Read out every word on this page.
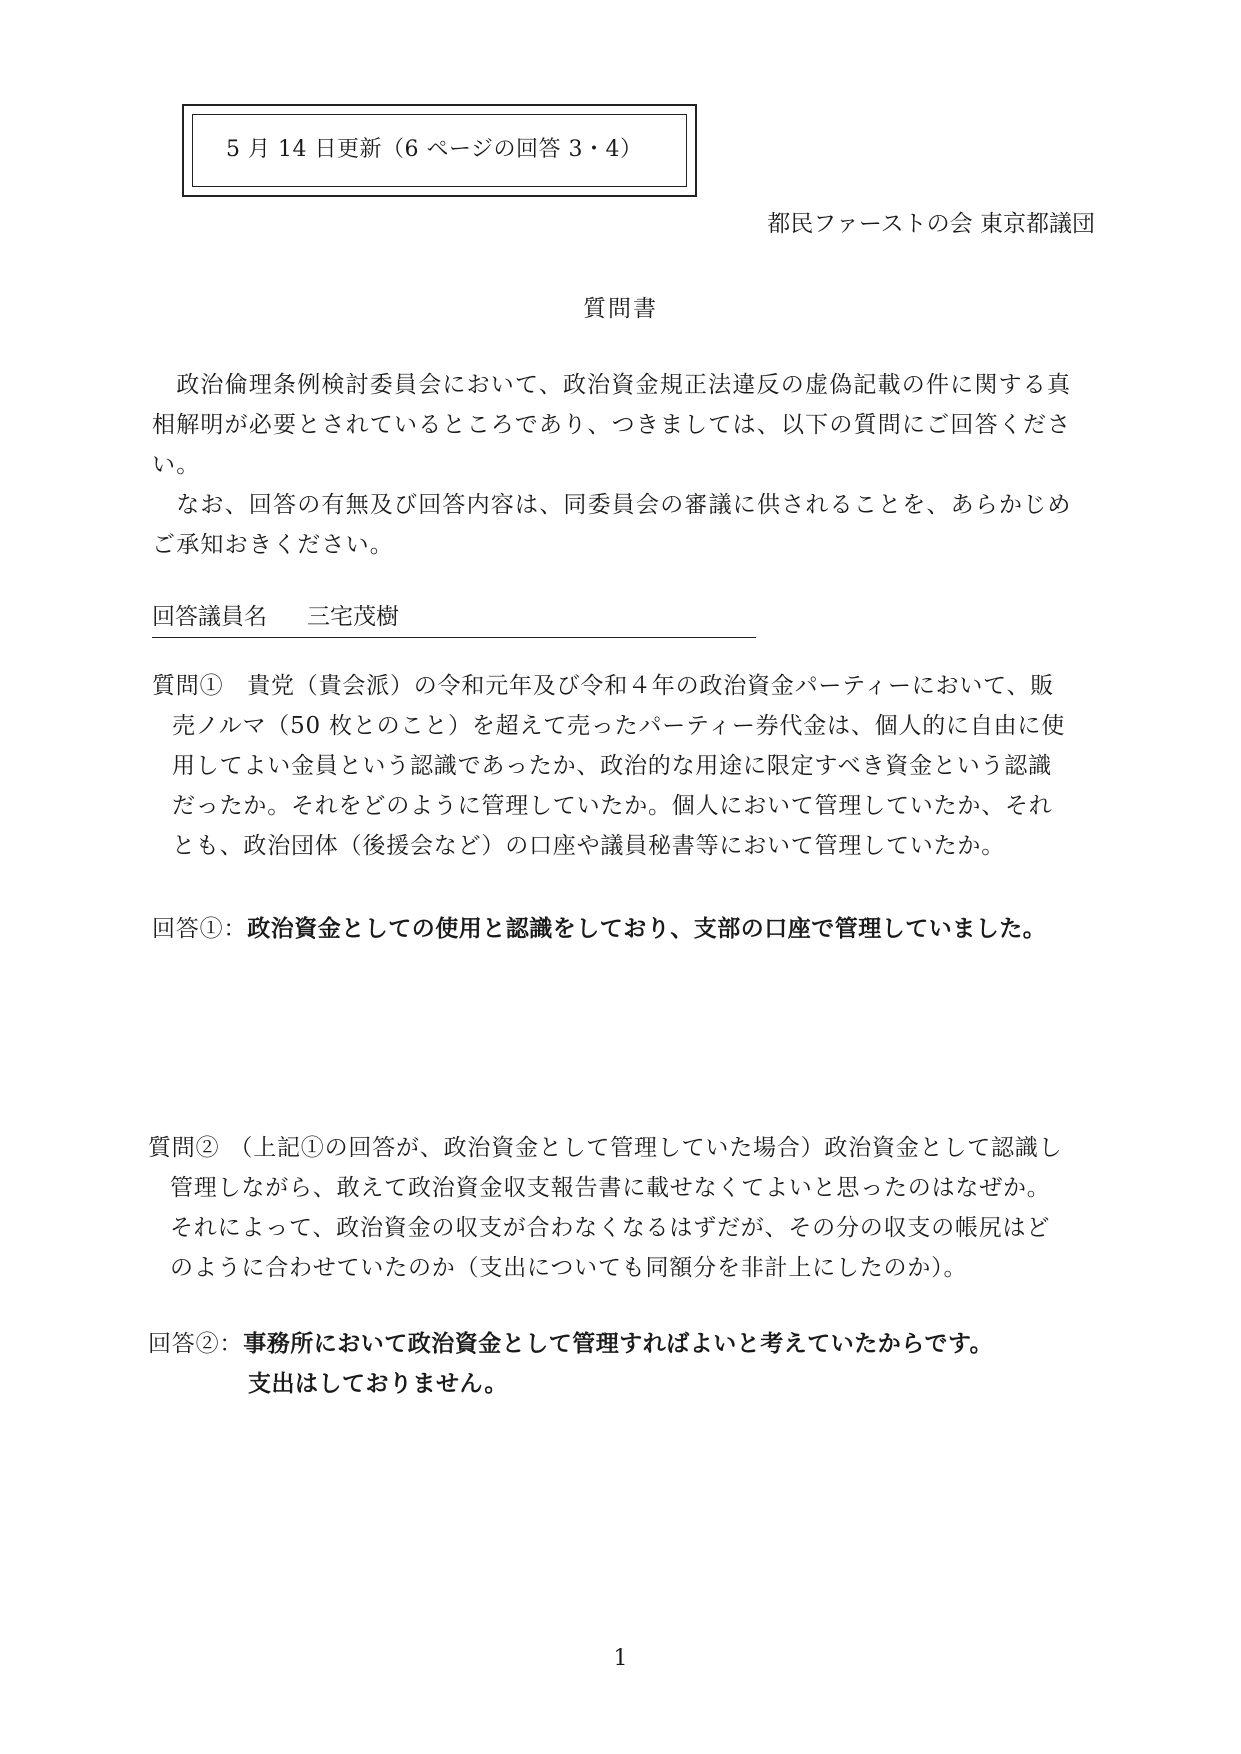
5 月 14 日更新（6 ページの回答 3・4）
都民ファーストの会 東京都議団
質問書
　政治倫理条例検討委員会において、政治資金規正法違反の虚偽記載の件に関する真
相解明が必要とされているところであり、つきましては、以下の質問にご回答くださ
い。
　なお、回答の有無及び回答内容は、同委員会の審議に供されることを、あらかじめ
ご承知おきください。
回答議員名 三宅茂樹
質問①　貴党（貴会派）の令和元年及び令和４年の政治資金パーティーにおいて、販
売ノルマ（50 枚とのこと）を超えて売ったパーティー券代金は、個人的に自由に使
用してよい金員という認識であったか、政治的な用途に限定すべき資金という認識
だったか。それをどのように管理していたか。個人において管理していたか、それ
とも、政治団体（後援会など）の口座や議員秘書等において管理していたか。
回答①：政治資金としての使用と認識をしており、支部の口座で管理していました。
質問② （上記①の回答が、政治資金として管理していた場合）政治資金として認識し
管理しながら、敢えて政治資金収支報告書に載せなくてよいと思ったのはなぜか。
それによって、政治資金の収支が合わなくなるはずだが、その分の収支の帳尻はど
のように合わせていたのか（支出についても同額分を非計上にしたのか）。
回答②：事務所において政治資金として管理すればよいと考えていたからです。
支出はしておりません。
1
